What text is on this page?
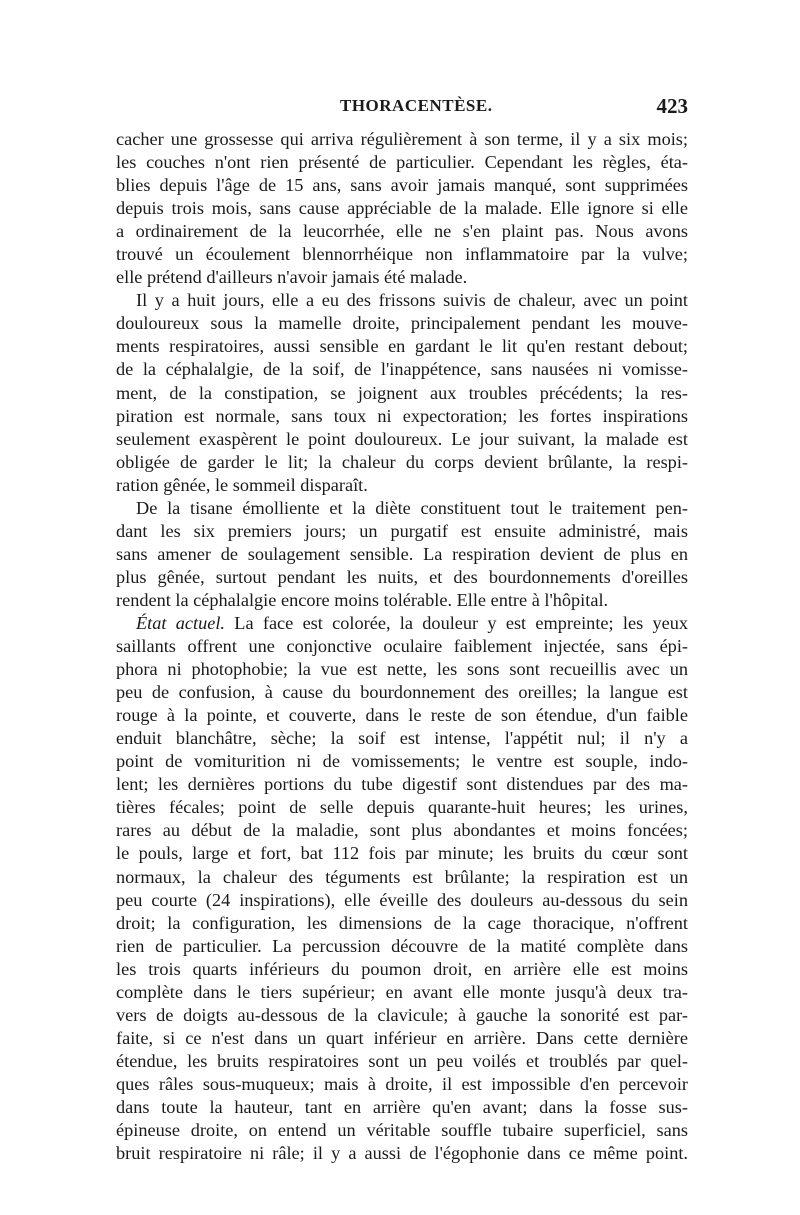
THORACENTÈSE.	423
cacher une grossesse qui arriva régulièrement à son terme, il y a six mois;
les couches n'ont rien présenté de particulier. Cependant les règles, éta-
blies depuis l'âge de 15 ans, sans avoir jamais manqué, sont supprimées
depuis trois mois, sans cause appréciable de la malade. Elle ignore si elle
a ordinairement de la leucorrhée, elle ne s'en plaint pas. Nous avons
trouvé un écoulement blennorrhéique non inflammatoire par la vulve;
elle prétend d'ailleurs n'avoir jamais été malade.
Il y a huit jours, elle a eu des frissons suivis de chaleur, avec un point
douloureux sous la mamelle droite, principalement pendant les mouve-
ments respiratoires, aussi sensible en gardant le lit qu'en restant debout;
de la céphalalgie, de la soif, de l'inappétence, sans nausées ni vomisse-
ment, de la constipation, se joignent aux troubles précédents; la res-
piration est normale, sans toux ni expectoration; les fortes inspirations
seulement exaspèrent le point douloureux. Le jour suivant, la malade est
obligée de garder le lit; la chaleur du corps devient brûlante, la respi-
ration gênée, le sommeil disparaît.
De la tisane émolliente et la diète constituent tout le traitement pen-
dant les six premiers jours; un purgatif est ensuite administré, mais
sans amener de soulagement sensible. La respiration devient de plus en
plus gênée, surtout pendant les nuits, et des bourdonnements d'oreilles
rendent la céphalalgie encore moins tolérable. Elle entre à l'hôpital.
État actuel. La face est colorée, la douleur y est empreinte; les yeux
saillants offrent une conjonctive oculaire faiblement injectée, sans épi-
phora ni photophobie; la vue est nette, les sons sont recueillis avec un
peu de confusion, à cause du bourdonnement des oreilles; la langue est
rouge à la pointe, et couverte, dans le reste de son étendue, d'un faible
enduit blanchâtre, sèche; la soif est intense, l'appétit nul; il n'y a
point de vomiturition ni de vomissements; le ventre est souple, indo-
lent; les dernières portions du tube digestif sont distendues par des ma-
tières fécales; point de selle depuis quarante-huit heures; les urines,
rares au début de la maladie, sont plus abondantes et moins foncées;
le pouls, large et fort, bat 112 fois par minute; les bruits du cœur sont
normaux, la chaleur des téguments est brûlante; la respiration est un
peu courte (24 inspirations), elle éveille des douleurs au-dessous du sein
droit; la configuration, les dimensions de la cage thoracique, n'offrent
rien de particulier. La percussion découvre de la matité complète dans
les trois quarts inférieurs du poumon droit, en arrière elle est moins
complète dans le tiers supérieur; en avant elle monte jusqu'à deux tra-
vers de doigts au-dessous de la clavicule; à gauche la sonorité est par-
faite, si ce n'est dans un quart inférieur en arrière. Dans cette dernière
étendue, les bruits respiratoires sont un peu voilés et troublés par quel-
ques râles sous-muqueux; mais à droite, il est impossible d'en percevoir
dans toute la hauteur, tant en arrière qu'en avant; dans la fosse sus-
épineuse droite, on entend un véritable souffle tubaire superficiel, sans
bruit respiratoire ni râle; il y a aussi de l'égophonie dans ce même point.
